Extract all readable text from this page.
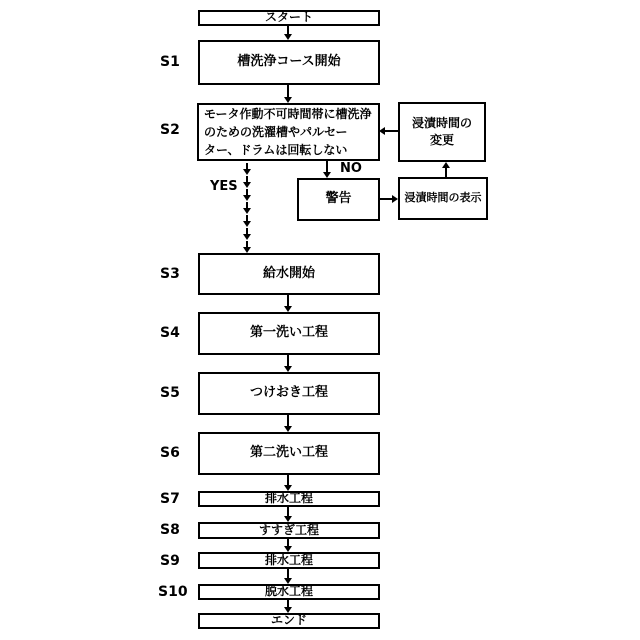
S1
S2
S3
S4
S5
S6
S7
S8
S9
S10
スタート
槽洗浄コース開始
モータ作動不可時間帯に槽洗浄
のための洗濯槽やパルセー
ター、ドラムは回転しない
給水開始
第一洗い工程
つけおき工程
第二洗い工程
排水工程
すすぎ工程
排水工程
脱水工程
エンド
浸漬時間の
変更
警告	浸漬時間の表示
YES
NO
